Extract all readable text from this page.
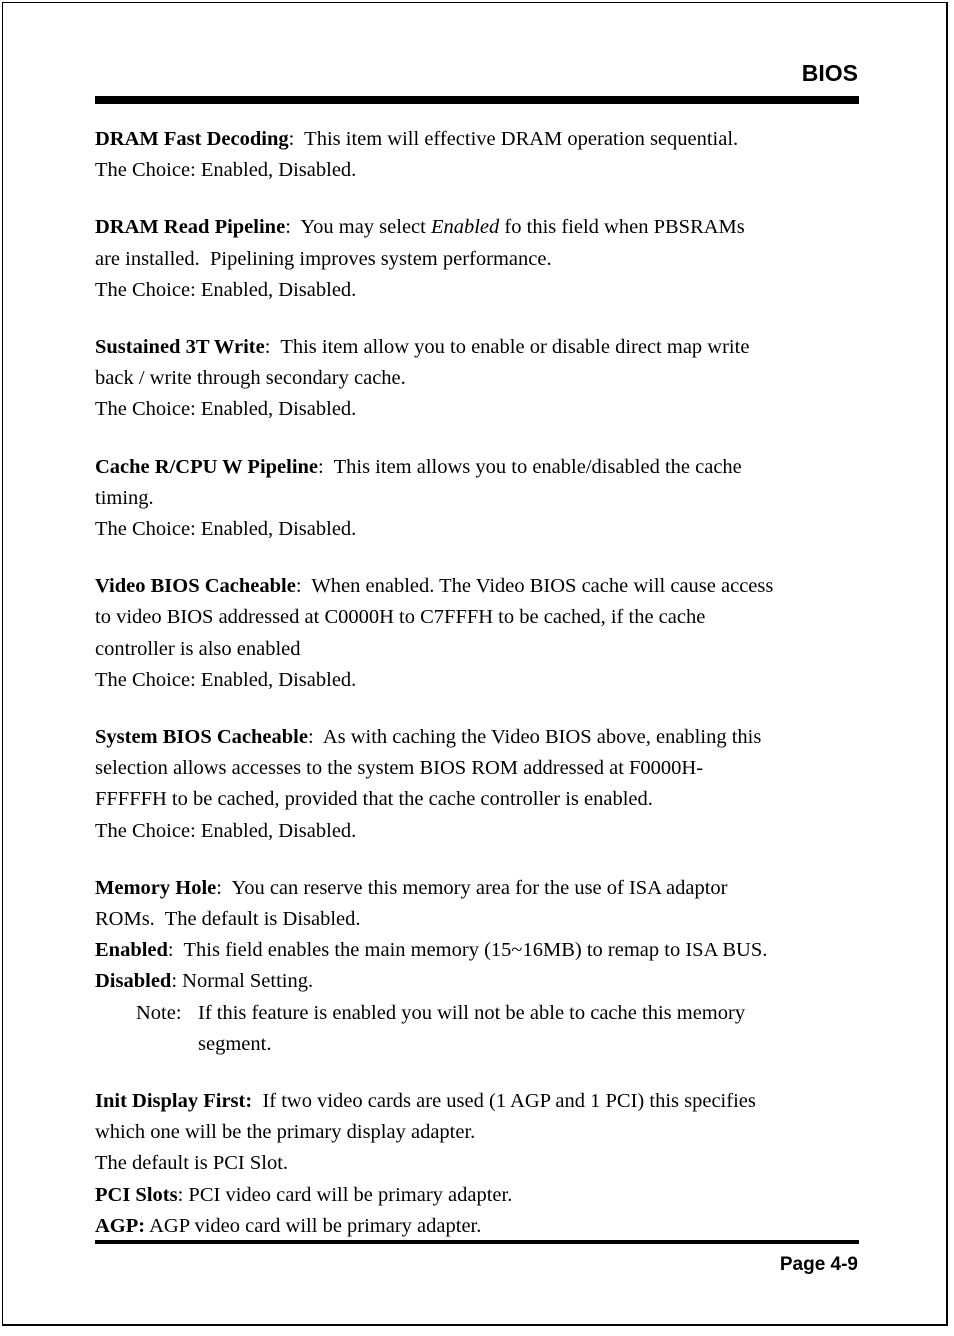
BIOS
DRAM Fast Decoding:  This item will effective DRAM operation sequential.
The Choice: Enabled, Disabled.
DRAM Read Pipeline:  You may select Enabled fo this field when PBSRAMs
are installed.  Pipelining improves system performance.
The Choice: Enabled, Disabled.
Sustained 3T Write:  This item allow you to enable or disable direct map write
back / write through secondary cache.
The Choice: Enabled, Disabled.
Cache R/CPU W Pipeline:  This item allows you to enable/disabled the cache
timing.
The Choice: Enabled, Disabled.
Video BIOS Cacheable:  When enabled. The Video BIOS cache will cause access
to video BIOS addressed at C0000H to C7FFFH to be cached, if the cache
controller is also enabled
The Choice: Enabled, Disabled.
System BIOS Cacheable:  As with caching the Video BIOS above, enabling this
selection allows accesses to the system BIOS ROM addressed at F0000H-
FFFFFH to be cached, provided that the cache controller is enabled.
The Choice: Enabled, Disabled.
Memory Hole:  You can reserve this memory area for the use of ISA adaptor
ROMs.  The default is Disabled.
Enabled:  This field enables the main memory (15~16MB) to remap to ISA BUS.
Disabled: Normal Setting.
Note: If this feature is enabled you will not be able to cache this memory
segment.
Init Display First:  If two video cards are used (1 AGP and 1 PCI) this specifies
which one will be the primary display adapter.
The default is PCI Slot.
PCI Slots: PCI video card will be primary adapter.
AGP: AGP video card will be primary adapter.
Page 4-9
